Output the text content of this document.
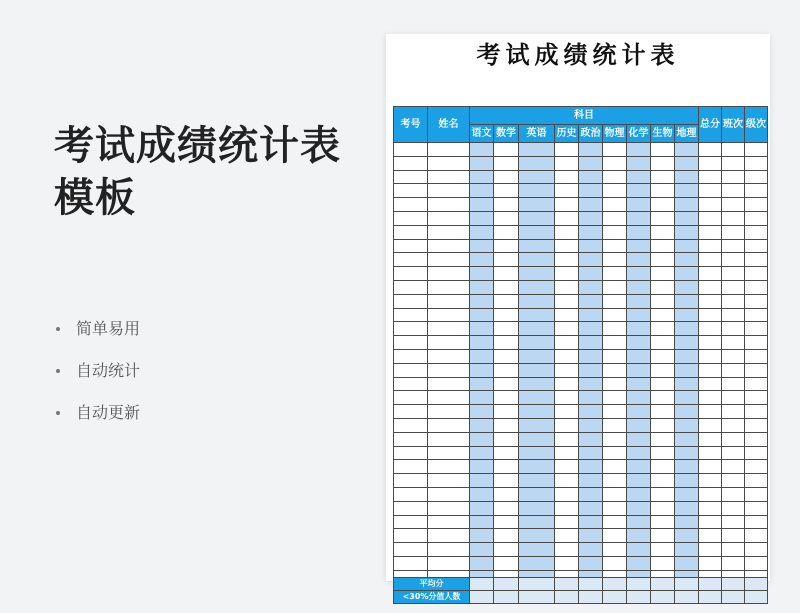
考试成绩统计表
模板
简单易用
自动统计
自动更新
考试成绩统计表
考号	姓名	科目									总分	班次	级次
		语文	数学	英语	历史	政治	物理	化学	生物	地理			

平均分												
<30%分值人数												
